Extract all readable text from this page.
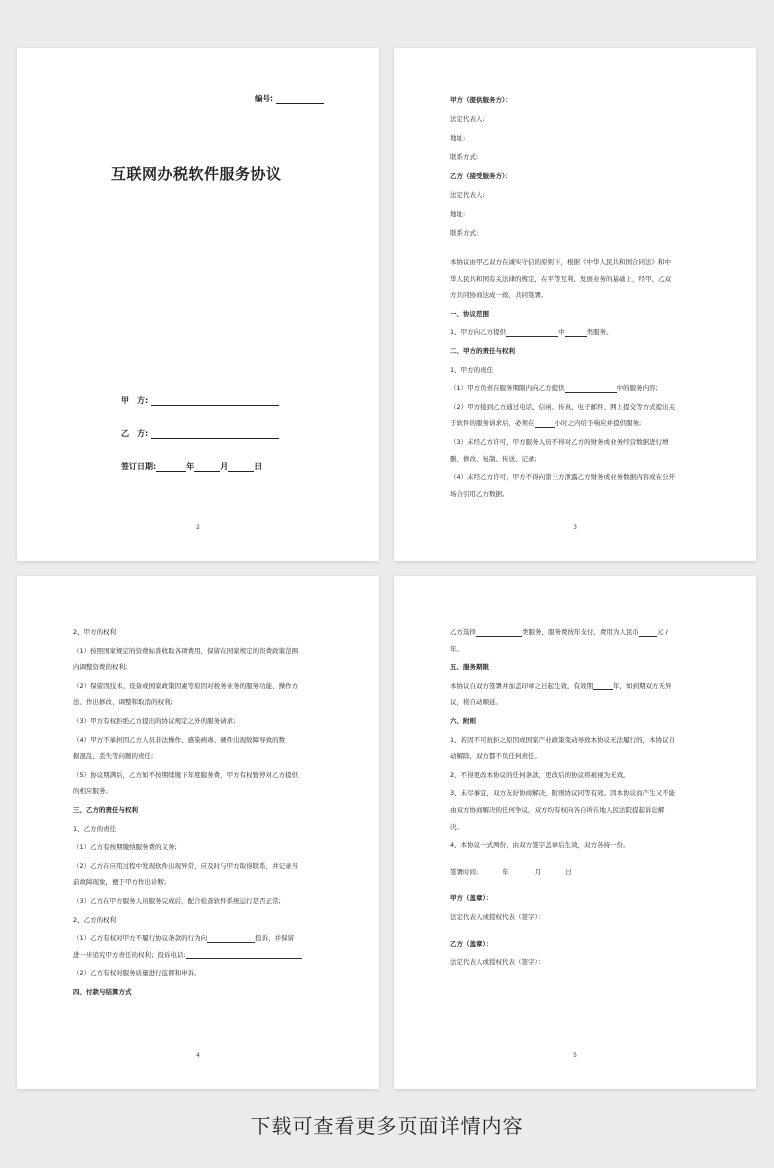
编号:
互联网办税软件服务协议
甲　方:
乙　方:
签订日期:	年	月	日
2
甲方（提供服务方）：
法定代表人:
地址:
联系方式:
乙方（接受服务方）：
法定代表人:
地址:
联系方式:
本协议由甲乙双方在诚实守信的原则下，根据《中华人民共和国合同法》和中
华人民共和国有关法律的规定，在平等互利、发展业务的基础上，经甲、乙双
方共同协商达成一致，共同签署。
一、协议范围
1、甲方向乙方提供	中	类服务。
二、甲方的责任与权利
1、甲方的责任
（1）甲方负责在服务期限内向乙方提供	中的服务内容;
（2）甲方接到乙方通过电话、信函、传真、电子邮件、网上提交等方式提出关
于软件的服务请求后，必须在	小时之内给予响应并提供服务;
（3）未经乙方许可，甲方服务人员不得对乙方的财务或业务经营数据进行增
删、修改、复制、传送、记录;
（4）未经乙方许可，甲方不得向第三方泄露乙方财务或业务数据内容或在公开
场合引用乙方数据。
3
2、甲方的权利
（1）按照国家规定的资费标准收取各项费用，保留在国家规定的资费政策范围
内调整资费的权利;
（2）保留因技术、设备或国家政策因素等原因对税务业务的服务功能、操作方
法、作出修改、调整和取消的权利;
（3）甲方有权拒绝乙方提出的协议规定之外的服务请求;
（4）甲方不承担因乙方人员非法操作、感染病毒、硬件出现故障导致的数
据混乱、丢失等问题的责任;
（5）协议期满后，乙方如不按期续缴下年度服务费，甲方有权暂停对乙方提供
的相应服务。
三、乙方的责任与权利
1、乙方的责任
（1）乙方有按期缴纳服务费的义务;
（2）乙方在应用过程中发现软件出现异常，应及时与甲方取得联系，并记录当
前故障现象，便于甲方作出诊断;
（3）乙方在甲方服务人员服务完成后，配合检查软件系统运行是否正常;
2、乙方的权利
（1）乙方有权对甲方不履行协议条款的行为向	投诉，并保留
进一步追究甲方责任的权利；投诉电话:
（2）乙方有权对服务质量进行监督和申诉。
四、付款与结算方式
4
乙方选择	类服务，服务费按年支付，费用为人民币	元 /
年。
五、服务期限
本协议自双方签署并加盖印章之日起生效，有效期	年，如到期双方无异
议，将自动顺延。
六、附则
1、若因不可抗拒之原因或国家产业政策变动导致本协议无法履行的，本协议自
动解除，双方都不负任何责任。
2、不得更改本协议的任何条款，更改后的协议将被视为无效。
3、未尽事宜，双方友好协商解决，附则协议同等有效。因本协议而产生又不能
由双方协商解决的任何争议，双方均有权向各自所在地人民法院提起诉讼解
决。
4、本协议一式两份，由双方签字盖章后生效，双方各持一份。
签署时间:	年	月	日
甲方（盖章）：
法定代表人或授权代表（签字）：
乙方（盖章）：
法定代表人或授权代表（签字）：
5
下载可查看更多页面详情内容
